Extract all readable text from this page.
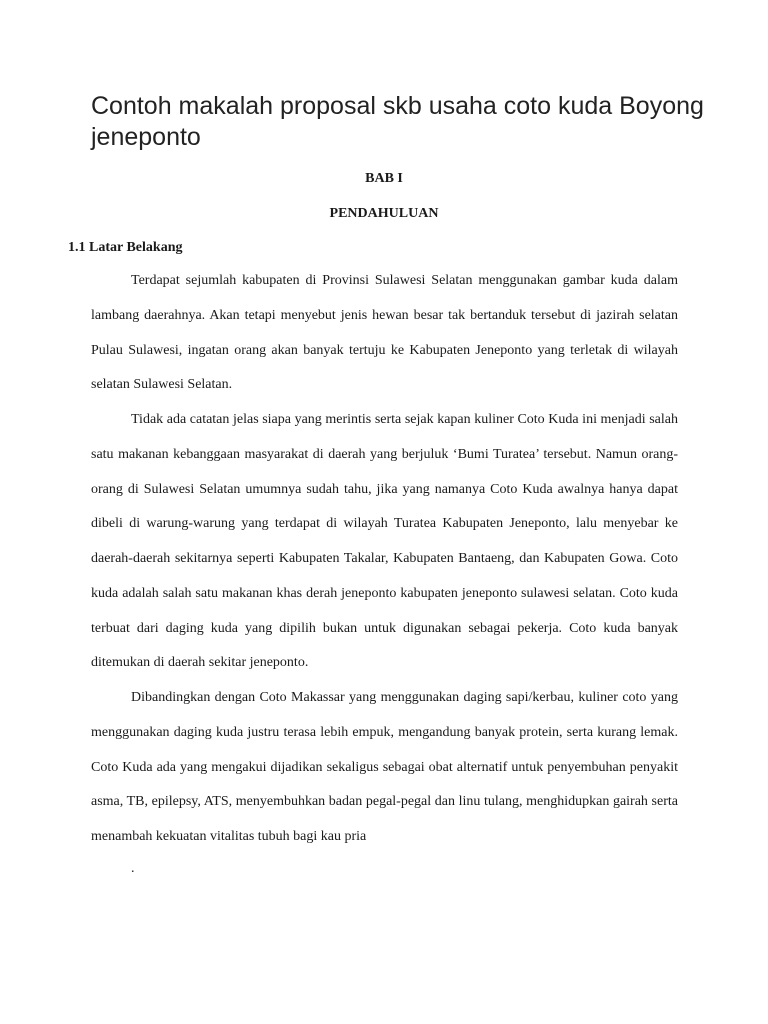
Contoh makalah proposal skb usaha coto kuda Boyong jeneponto
BAB I
PENDAHULUAN
1.1 Latar Belakang

Terdapat sejumlah kabupaten di Provinsi Sulawesi Selatan menggunakan gambar kuda dalam lambang daerahnya. Akan tetapi menyebut jenis hewan besar tak bertanduk tersebut di jazirah selatan Pulau Sulawesi, ingatan orang akan banyak tertuju ke Kabupaten Jeneponto yang terletak di wilayah selatan Sulawesi Selatan.

Tidak ada catatan jelas siapa yang merintis serta sejak kapan kuliner Coto Kuda ini menjadi salah satu makanan kebanggaan masyarakat di daerah yang berjuluk ‘Bumi Turatea’ tersebut. Namun orang-orang di Sulawesi Selatan umumnya sudah tahu, jika yang namanya Coto Kuda awalnya hanya dapat dibeli di warung-warung yang terdapat di wilayah Turatea Kabupaten Jeneponto, lalu menyebar ke daerah-daerah sekitarnya seperti Kabupaten Takalar, Kabupaten Bantaeng, dan Kabupaten Gowa. Coto kuda adalah salah satu makanan khas derah jeneponto kabupaten jeneponto sulawesi selatan. Coto kuda terbuat dari daging kuda yang dipilih bukan untuk digunakan sebagai pekerja. Coto kuda banyak ditemukan di daerah sekitar jeneponto.

Dibandingkan dengan Coto Makassar yang menggunakan daging sapi/kerbau, kuliner coto yang menggunakan daging kuda justru terasa lebih empuk, mengandung banyak protein, serta kurang lemak. Coto Kuda ada yang mengakui dijadikan sekaligus sebagai obat alternatif untuk penyembuhan penyakit asma, TB, epilepsy, ATS, menyembuhkan badan pegal-pegal dan linu tulang, menghidupkan gairah serta menambah kekuatan vitalitas tubuh bagi kau pria

.
